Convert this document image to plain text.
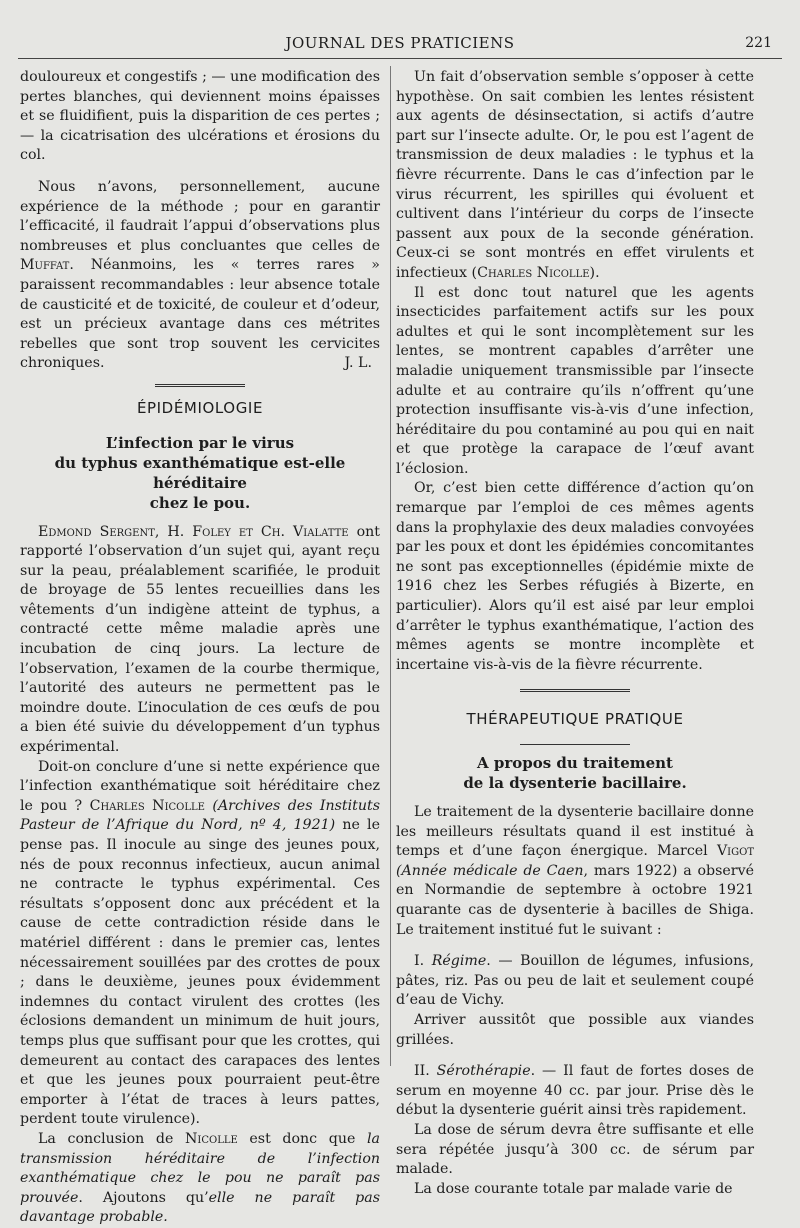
JOURNAL DES PRATICIENS	221

douloureux et congestifs ; — une modification des pertes blanches, qui deviennent moins épaisses et se fluidifient, puis la disparition de ces pertes ; — la cicatrisation des ulcérations et érosions du col.

Nous n’avons, personnellement, aucune expérience de la méthode ; pour en garantir l’efficacité, il faudrait l’appui d’observations plus nombreuses et plus concluantes que celles de Muffat. Néanmoins, les « terres rares » paraissent recommandables : leur absence totale de causticité et de toxicité, de couleur et d’odeur, est un précieux avantage dans ces métrites rebelles que sont trop souvent les cervicites chroniques.	J. L.

ÉPIDÉMIOLOGIE
L’infection par le virus
du typhus exanthématique est-elle héréditaire
chez le pou.

Edmond Sergent, H. Foley et Ch. Vialatte ont rapporté l’observation d’un sujet qui, ayant reçu sur la peau, préalablement scarifiée, le produit de broyage de 55 lentes recueillies dans les vêtements d’un indigène atteint de typhus, a contracté cette même maladie après une incubation de cinq jours. La lecture de l’observation, l’examen de la courbe thermique, l’autorité des auteurs ne permettent pas le moindre doute. L’inoculation de ces œufs de pou a bien été suivie du développement d’un typhus expérimental.

Doit-on conclure d’une si nette expérience que l’infection exanthématique soit héréditaire chez le pou ? Charles Nicolle (Archives des Instituts Pasteur de l’Afrique du Nord, nº 4, 1921) ne le pense pas. Il inocule au singe des jeunes poux, nés de poux reconnus infectieux, aucun animal ne contracte le typhus expérimental. Ces résultats s’opposent donc aux précédent et la cause de cette contradiction réside dans le matériel différent : dans le premier cas, lentes nécessairement souillées par des crottes de poux ; dans le deuxième, jeunes poux évidemment indemnes du contact virulent des crottes (les éclosions demandent un minimum de huit jours, temps plus que suffisant pour que les crottes, qui demeurent au contact des carapaces des lentes et que les jeunes poux pourraient peut-être emporter à l’état de traces à leurs pattes, perdent toute virulence).

La conclusion de Nicolle est donc que la transmission héréditaire de l’infection exanthématique chez le pou ne paraît pas prouvée. Ajoutons qu’elle ne paraît pas davantage probable.

Un fait d’observation semble s’opposer à cette hypothèse. On sait combien les lentes résistent aux agents de désinsectation, si actifs d’autre part sur l’insecte adulte. Or, le pou est l’agent de transmission de deux maladies : le typhus et la fièvre récurrente. Dans le cas d’infection par le virus récurrent, les spirilles qui évoluent et cultivent dans l’intérieur du corps de l’insecte passent aux poux de la seconde génération. Ceux-ci se sont montrés en effet virulents et infectieux (Charles Nicolle).

Il est donc tout naturel que les agents insecticides parfaitement actifs sur les poux adultes et qui le sont incomplètement sur les lentes, se montrent capables d’arrêter une maladie uniquement transmissible par l’insecte adulte et au contraire qu’ils n’offrent qu’une protection insuffisante vis-à-vis d’une infection, héréditaire du pou contaminé au pou qui en nait et que protège la carapace de l’œuf avant l’éclosion.

Or, c’est bien cette différence d’action qu’on remarque par l’emploi de ces mêmes agents dans la prophylaxie des deux maladies convoyées par les poux et dont les épidémies concomitantes ne sont pas exceptionnelles (épidémie mixte de 1916 chez les Serbes réfugiés à Bizerte, en particulier). Alors qu’il est aisé par leur emploi d’arrêter le typhus exanthématique, l’action des mêmes agents se montre incomplète et incertaine vis-à-vis de la fièvre récurrente.

THÉRAPEUTIQUE PRATIQUE
A propos du traitement
de la dysenterie bacillaire.

Le traitement de la dysenterie bacillaire donne les meilleurs résultats quand il est institué à temps et d’une façon énergique. Marcel Vigot (Année médicale de Caen, mars 1922) a observé en Normandie de septembre à octobre 1921 quarante cas de dysenterie à bacilles de Shiga. Le traitement institué fut le suivant :

I. Régime. — Bouillon de légumes, infusions, pâtes, riz. Pas ou peu de lait et seulement coupé d’eau de Vichy.

Arriver aussitôt que possible aux viandes grillées.

II. Sérothérapie. — Il faut de fortes doses de serum en moyenne 40 cc. par jour. Prise dès le début la dysenterie guérit ainsi très rapidement.

La dose de sérum devra être suffisante et elle sera répétée jusqu’à 300 cc. de sérum par malade.

La dose courante totale par malade varie de
